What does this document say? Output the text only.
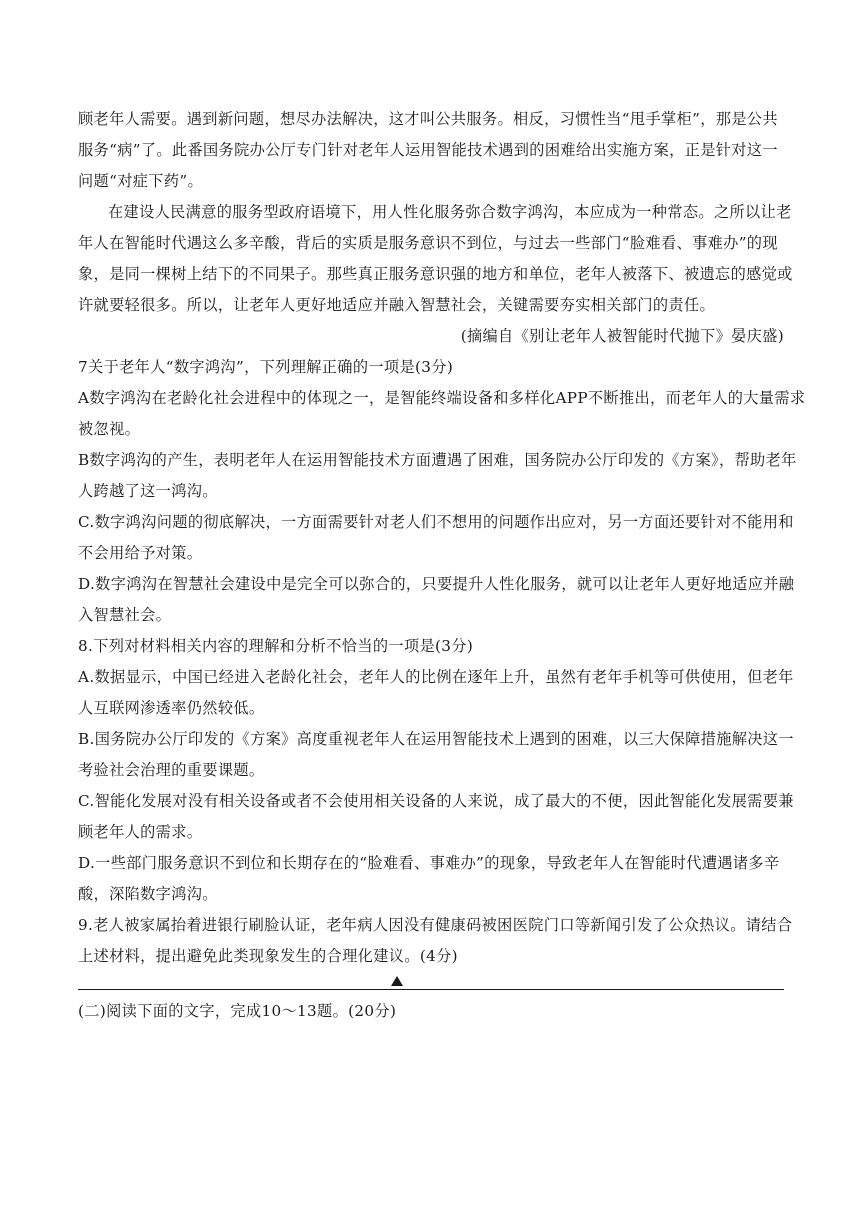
顾老年人需要。遇到新问题，想尽办法解决，这才叫公共服务。相反，习惯性当“甩手掌柜”，那是公共
服务“病”了。此番国务院办公厅专门针对老年人运用智能技术遇到的困难给出实施方案，正是针对这一
问题“对症下药”。
在建设人民满意的服务型政府语境下，用人性化服务弥合数字鸿沟，本应成为一种常态。之所以让老
年人在智能时代遇这么多辛酸，背后的实质是服务意识不到位，与过去一些部门“脸难看、事难办”的现
象，是同一棵树上结下的不同果子。那些真正服务意识强的地方和单位，老年人被落下、被遗忘的感觉或
许就要轻很多。所以，让老年人更好地适应并融入智慧社会，关键需要夯实相关部门的责任。
(摘编自《别让老年人被智能时代抛下》晏庆盛)
7关于老年人“数字鸿沟”，下列理解正确的一项是(3分)
A数字鸿沟在老龄化社会进程中的体现之一，是智能终端设备和多样化APP不断推出，而老年人的大量需求
被忽视。
B数字鸿沟的产生，表明老年人在运用智能技术方面遭遇了困难，国务院办公厅印发的《方案》，帮助老年
人跨越了这一鸿沟。
C.数字鸿沟问题的彻底解决，一方面需要针对老人们不想用的问题作出应对，另一方面还要针对不能用和
不会用给予对策。
D.数字鸿沟在智慧社会建设中是完全可以弥合的，只要提升人性化服务，就可以让老年人更好地适应并融
入智慧社会。
8.下列对材料相关内容的理解和分析不恰当的一项是(3分)
A.数据显示，中国已经进入老龄化社会，老年人的比例在逐年上升，虽然有老年手机等可供使用，但老年
人互联网渗透率仍然较低。
B.国务院办公厅印发的《方案》高度重视老年人在运用智能技术上遇到的困难，以三大保障措施解决这一
考验社会治理的重要课题。
C.智能化发展对没有相关设备或者不会使用相关设备的人来说，成了最大的不便，因此智能化发展需要兼
顾老年人的需求。
D.一些部门服务意识不到位和长期存在的“脸难看、事难办”的现象，导致老年人在智能时代遭遇诸多辛
酸，深陷数字鸿沟。
9.老人被家属抬着进银行刷脸认证，老年病人因没有健康码被困医院门口等新闻引发了公众热议。请结合
上述材料，提出避免此类现象发生的合理化建议。(4分)
(二)阅读下面的文字，完成10～13题。(20分)
